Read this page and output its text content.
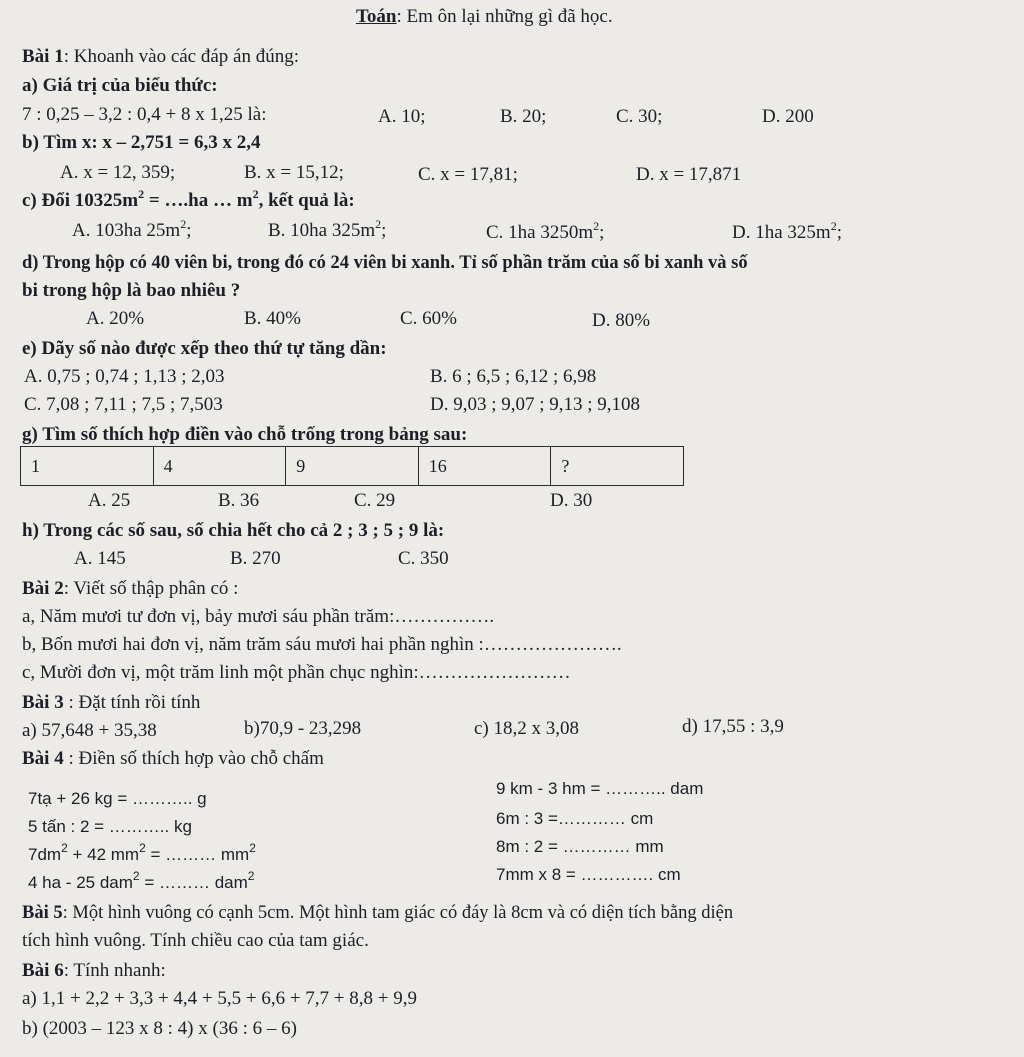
Toán: Em ôn lại những gì đã học.
Bài 1: Khoanh vào các đáp án đúng:
a) Giá trị của biểu thức:
7 : 0,25 – 3,2 : 0,4 + 8 x 1,25 là:	A. 10;	B. 20;	C. 30;	D. 200
b) Tìm x: x – 2,751 = 6,3 x 2,4
A. x = 12, 359;	B. x = 15,12;	C. x = 17,81;	D. x = 17,871
c) Đổi $10325m^2$ = ….ha … $m^2$, kết quả là:
A. 103ha $25m^2$;	B. 10ha $325m^2$;	C. 1ha $3250m^2$;	D. 1ha $325m^2$;
d) Trong hộp có 40 viên bi, trong đó có 24 viên bi xanh. Tỉ số phần trăm của số bi xanh và số
bi trong hộp là bao nhiêu ?
A. 20%	B. 40%	C. 60%	D. 80%
e) Dãy số nào được xếp theo thứ tự tăng dần:
A. 0,75 ; 0,74 ; 1,13 ; 2,03	B. 6 ; 6,5 ; 6,12 ; 6,98
C. 7,08 ; 7,11 ; 7,5 ; 7,503	D. 9,03 ; 9,07 ; 9,13 ; 9,108
g) Tìm số thích hợp điền vào chỗ trống trong bảng sau:
1	4	9	16	?
A. 25	B. 36	C. 29	D. 30
h) Trong các số sau, số chia hết cho cả 2 ; 3 ; 5 ; 9 là:
A. 145	B. 270	C. 350
Bài 2: Viết số thập phân có :
a, Năm mươi tư đơn vị, bảy mươi sáu phần trăm:…………….
b, Bốn mươi hai đơn vị, năm trăm sáu mươi hai phần nghìn :………………….
c, Mười đơn vị, một trăm linh một phần chục nghìn:……………………
Bài 3 : Đặt tính rồi tính
a) 57,648 + 35,38	b)70,9 - 23,298	c) 18,2 x 3,08	d) 17,55 : 3,9
Bài 4 : Điền số thích hợp vào chỗ chấm
7tạ + 26 kg = ……….. g
5 tấn : 2 = ……….. kg
$7dm^2 + 42$ $mm^2$ = ……… $mm^2$
4 ha - 25 dam$^2$ = ……… dam$^2$
9 km - 3 hm = ……….. dam
6m : 3 =………… cm
8m : 2 = ………… mm
7mm x 8 = …………. cm
Bài 5: Một hình vuông có cạnh 5cm. Một hình tam giác có đáy là 8cm và có diện tích bằng diện
tích hình vuông. Tính chiều cao của tam giác.
Bài 6: Tính nhanh:
a) 1,1 + 2,2 + 3,3 + 4,4 + 5,5 + 6,6 + 7,7 + 8,8 + 9,9
b) (2003 – 123 x 8 : 4) x (36 : 6 – 6)
